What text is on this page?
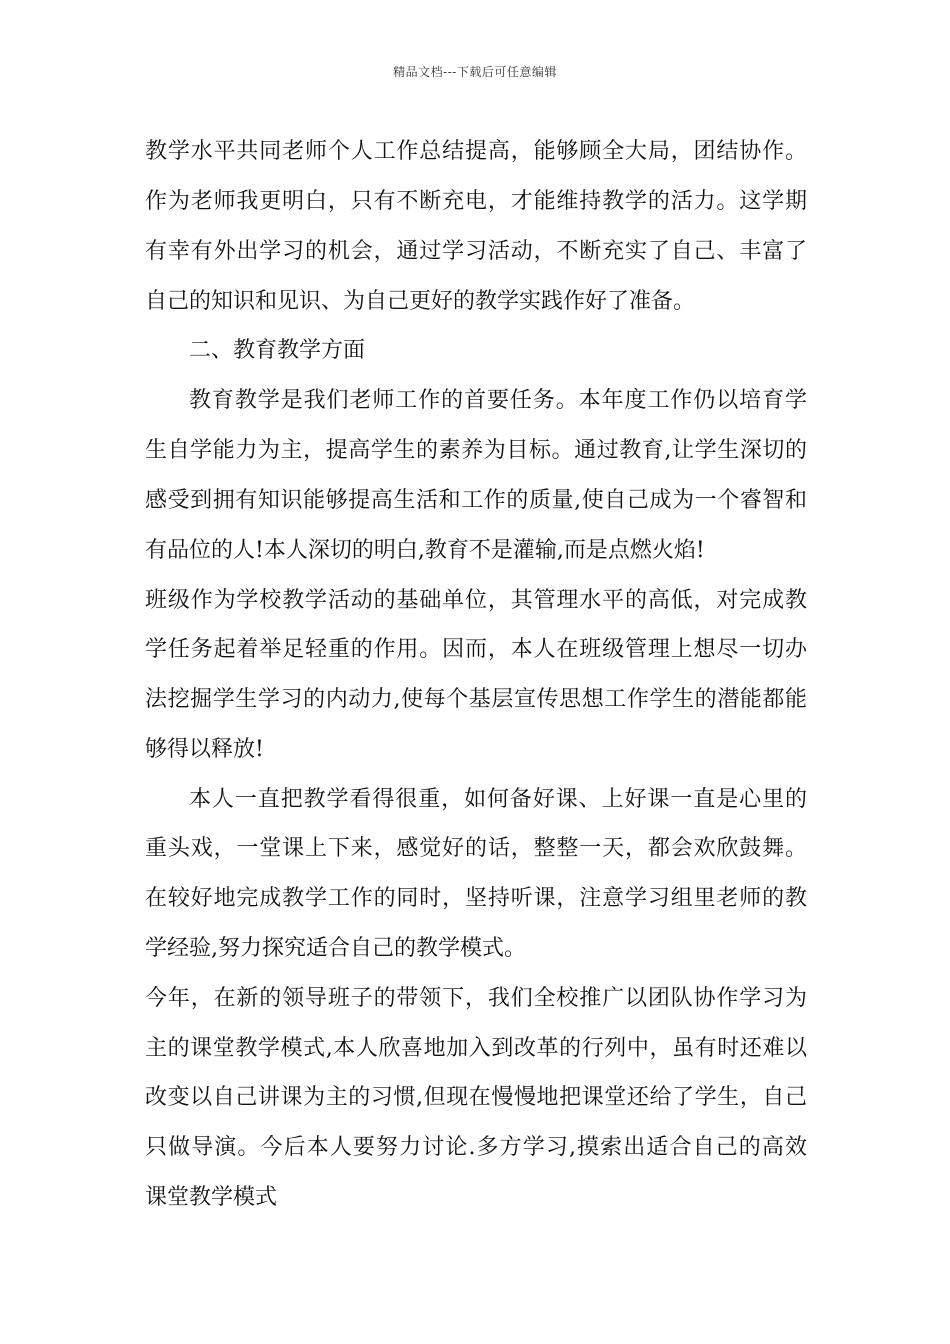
精品文档---下载后可任意编辑
教学水平共同老师个人工作总结提高，能够顾全大局，团结协作。
作为老师我更明白，只有不断充电，才能维持教学的活力。这学期
有幸有外出学习的机会，通过学习活动，不断充实了自己、丰富了
自己的知识和见识、为自己更好的教学实践作好了准备。
二、教育教学方面
教育教学是我们老师工作的首要任务。本年度工作仍以培育学
生自学能力为主，提高学生的素养为目标。通过教育,让学生深切的
感受到拥有知识能够提高生活和工作的质量,使自己成为一个睿智和
有品位的人!本人深切的明白,教育不是灌输,而是点燃火焰!
班级作为学校教学活动的基础单位，其管理水平的高低，对完成教
学任务起着举足轻重的作用。因而，本人在班级管理上想尽一切办
法挖掘学生学习的内动力,使每个基层宣传思想工作学生的潜能都能
够得以释放!
本人一直把教学看得很重，如何备好课、上好课一直是心里的
重头戏，一堂课上下来，感觉好的话，整整一天，都会欢欣鼓舞。
在较好地完成教学工作的同时，坚持听课，注意学习组里老师的教
学经验,努力探究适合自己的教学模式。
今年，在新的领导班子的带领下，我们全校推广以团队协作学习为
主的课堂教学模式,本人欣喜地加入到改革的行列中，虽有时还难以
改变以自己讲课为主的习惯,但现在慢慢地把课堂还给了学生，自己
只做导演。今后本人要努力讨论.多方学习,摸索出适合自己的高效
课堂教学模式
